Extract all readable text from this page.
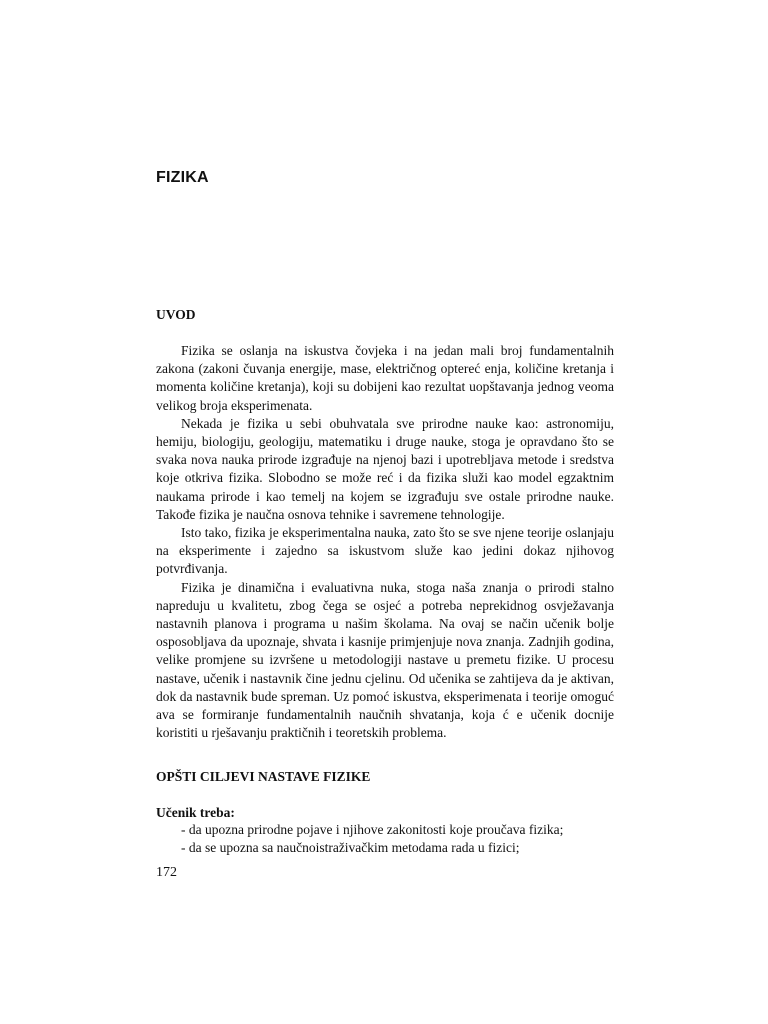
FIZIKA
UVOD

Fizika se oslanja na iskustva čovjeka i na jedan mali broj fundamentalnih zakona (zakoni čuvanja energije, mase, električnog optereć enja, količine kretanja i momenta količine kretanja), koji su dobijeni kao rezultat uopštavanja jednog veoma velikog broja eksperimenata.

Nekada je fizika u sebi obuhvatala sve prirodne nauke kao: astronomiju, hemiju, biologiju, geologiju, matematiku i druge nauke, stoga je opravdano što se svaka nova nauka prirode izgrađuje na njenoj bazi i upotrebljava metode i sredstva koje otkriva fizika. Slobodno se može reć i da fizika služi kao model egzaktnim naukama prirode i kao temelj na kojem se izgrađuju sve ostale prirodne nauke. Takođe fizika je naučna osnova tehnike i savremene tehnologije.

Isto tako, fizika je eksperimentalna nauka, zato što se sve njene teorije oslanjaju na eksperimente i zajedno sa iskustvom služe kao jedini dokaz njihovog potvrđivanja.

Fizika je dinamična i evaluativna nuka, stoga naša znanja o prirodi stalno napreduju u kvalitetu, zbog čega se osjeć a potreba neprekidnog osvježavanja nastavnih planova i programa u našim školama. Na ovaj se način učenik bolje osposobljava da upoznaje, shvata i kasnije primjenjuje nova znanja. Zadnjih godina, velike promjene su izvršene u metodologiji nastave u premetu fizike. U procesu nastave, učenik i nastavnik čine jednu cjelinu. Od učenika se zahtijeva da je aktivan, dok da nastavnik bude spreman. Uz pomoć iskustva, eksperimenata i teorije omoguć ava se formiranje fundamentalnih naučnih shvatanja, koja ć e učenik docnije koristiti u rješavanju praktičnih i teoretskih problema.

OPŠTI CILJEVI NASTAVE FIZIKE

Učenik treba:

- da upozna prirodne pojave i njihove zakonitosti koje proučava fizika;
- da se upozna sa naučnoistraživačkim metodama rada u fizici;

172
